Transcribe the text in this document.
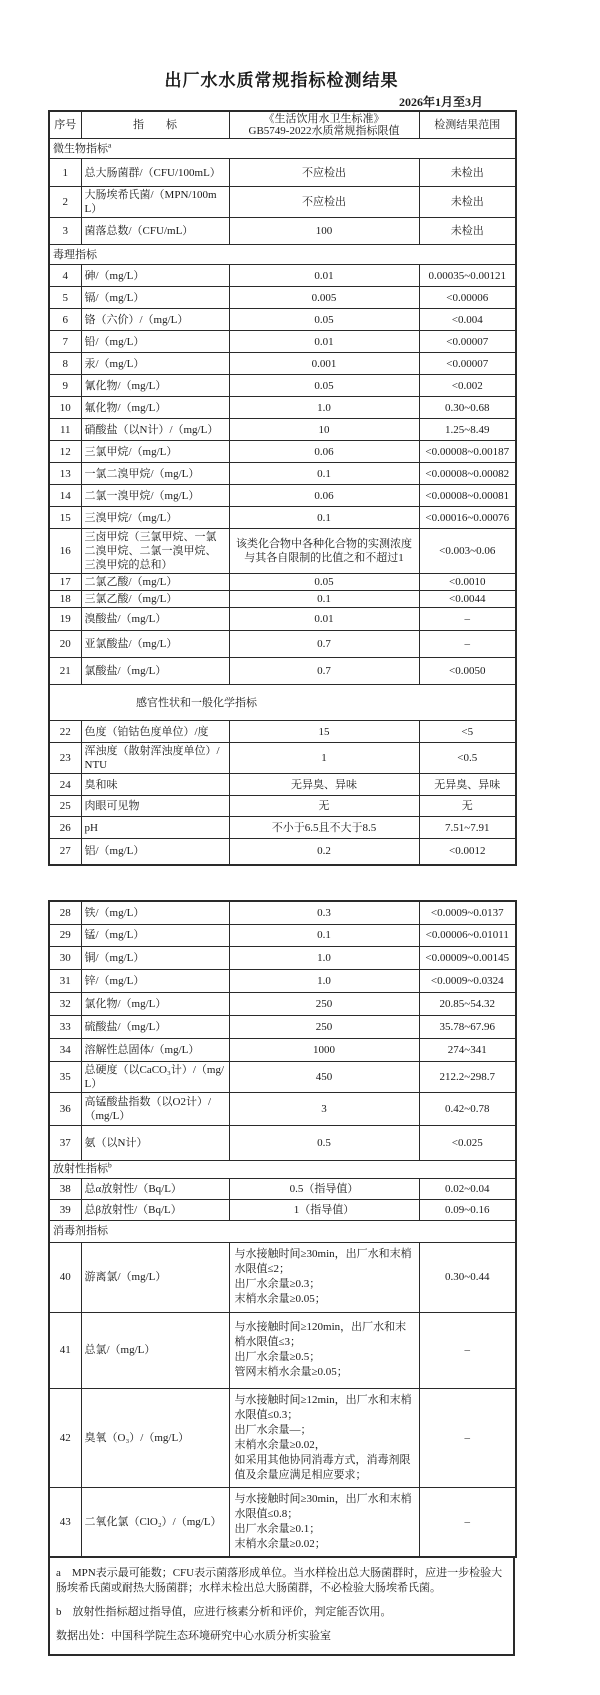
出厂水水质常规指标检测结果
2026年1月至3月
序号	指　　标	《生活饮用水卫生标准》
GB5749-2022水质常规指标限值	检测结果范围
微生物指标$^a$
1	总大肠菌群/（CFU/100mL）	不应检出	未检出
2	大肠埃希氏菌/（MPN/100mL）	不应检出	未检出
3	菌落总数/（CFU/mL）	100	未检出
毒理指标			
4	砷/（mg/L）	0.01	0.00035~0.00121
5	镉/（mg/L）	0.005	<0.00006
6	铬（六价）/（mg/L）	0.05	<0.004
7	铅/（mg/L）	0.01	<0.00007
8	汞/（mg/L）	0.001	<0.00007
9	氰化物/（mg/L）	0.05	<0.002
10	氟化物/（mg/L）	1.0	0.30~0.68
11	硝酸盐（以N计）/（mg/L）	10	1.25~8.49
12	三氯甲烷/（mg/L）	0.06	<0.00008~0.00187
13	一氯二溴甲烷/（mg/L）	0.1	<0.00008~0.00082
14	二氯一溴甲烷/（mg/L）	0.06	<0.00008~0.00081
15	三溴甲烷/（mg/L）	0.1	<0.00016~0.00076
16	三卤甲烷（三氯甲烷、一氯二溴甲烷、二氯一溴甲烷、三溴甲烷的总和）	该类化合物中各种化合物的实测浓度与其各自限制的比值之和不超过1	<0.003~0.06
17	二氯乙酸/（mg/L）	0.05	<0.0010
18	三氯乙酸/（mg/L）	0.1	<0.0044
19	溴酸盐/（mg/L）	0.01	–
20	亚氯酸盐/（mg/L）	0.7	–
21	氯酸盐/（mg/L）	0.7	<0.0050
感官性状和一般化学指标			
22	色度（铂钴色度单位）/度	15	<5
23	浑浊度（散射浑浊度单位）/NTU	1	<0.5
24	臭和味	无异臭、异味	无异臭、异味
25	肉眼可见物	无	无
26	pH	不小于6.5且不大于8.5	7.51~7.91
27	铝/（mg/L）	0.2	<0.0012
28	铁/（mg/L）	0.3	<0.0009~0.0137
29	锰/（mg/L）	0.1	<0.00006~0.01011
30	铜/（mg/L）	1.0	<0.00009~0.00145
31	锌/（mg/L）	1.0	<0.0009~0.0324
32	氯化物/（mg/L）	250	20.85~54.32
33	硫酸盐/（mg/L）	250	35.78~67.96
34	溶解性总固体/（mg/L）	1000	274~341
35	总硬度（以CaCO₃计）/（mg/L）	450	212.2~298.7
36	高锰酸盐指数（以O2计）/（mg/L）	3	0.42~0.78
37	氨（以N计）	0.5	<0.025
放射性指标$^b$
38	总α放射性/（Bq/L）	0.5（指导值）	0.02~0.04
39	总β放射性/（Bq/L）	1（指导值）	0.09~0.16
消毒剂指标			
40	游离氯/（mg/L）	与水接触时间≥30min，出厂水和末梢水限值≤2；
出厂水余量≥0.3；
末梢水余量≥0.05；	0.30~0.44
41	总氯/（mg/L）	与水接触时间≥120min，出厂水和末梢水限值≤3；
出厂水余量≥0.5；
管网末梢水余量≥0.05；	–
42	臭氧（O₃）/（mg/L）	与水接触时间≥12min，出厂水和末梢水限值≤0.3；
出厂水余量—；
末梢水余量≥0.02，
如采用其他协同消毒方式，消毒剂限值及余量应满足相应要求；	–
43	二氧化氯（ClO₂）/（mg/L）	与水接触时间≥30min，出厂水和末梢水限值≤0.8；
出厂水余量≥0.1；
末梢水余量≥0.02；	–

a　MPN表示最可能数；CFU表示菌落形成单位。当水样检出总大肠菌群时，应进一步检验大肠埃希氏菌或耐热大肠菌群；水样未检出总大肠菌群，不必检验大肠埃希氏菌。

b　放射性指标超过指导值，应进行核素分析和评价，判定能否饮用。

数据出处：中国科学院生态环境研究中心水质分析实验室
